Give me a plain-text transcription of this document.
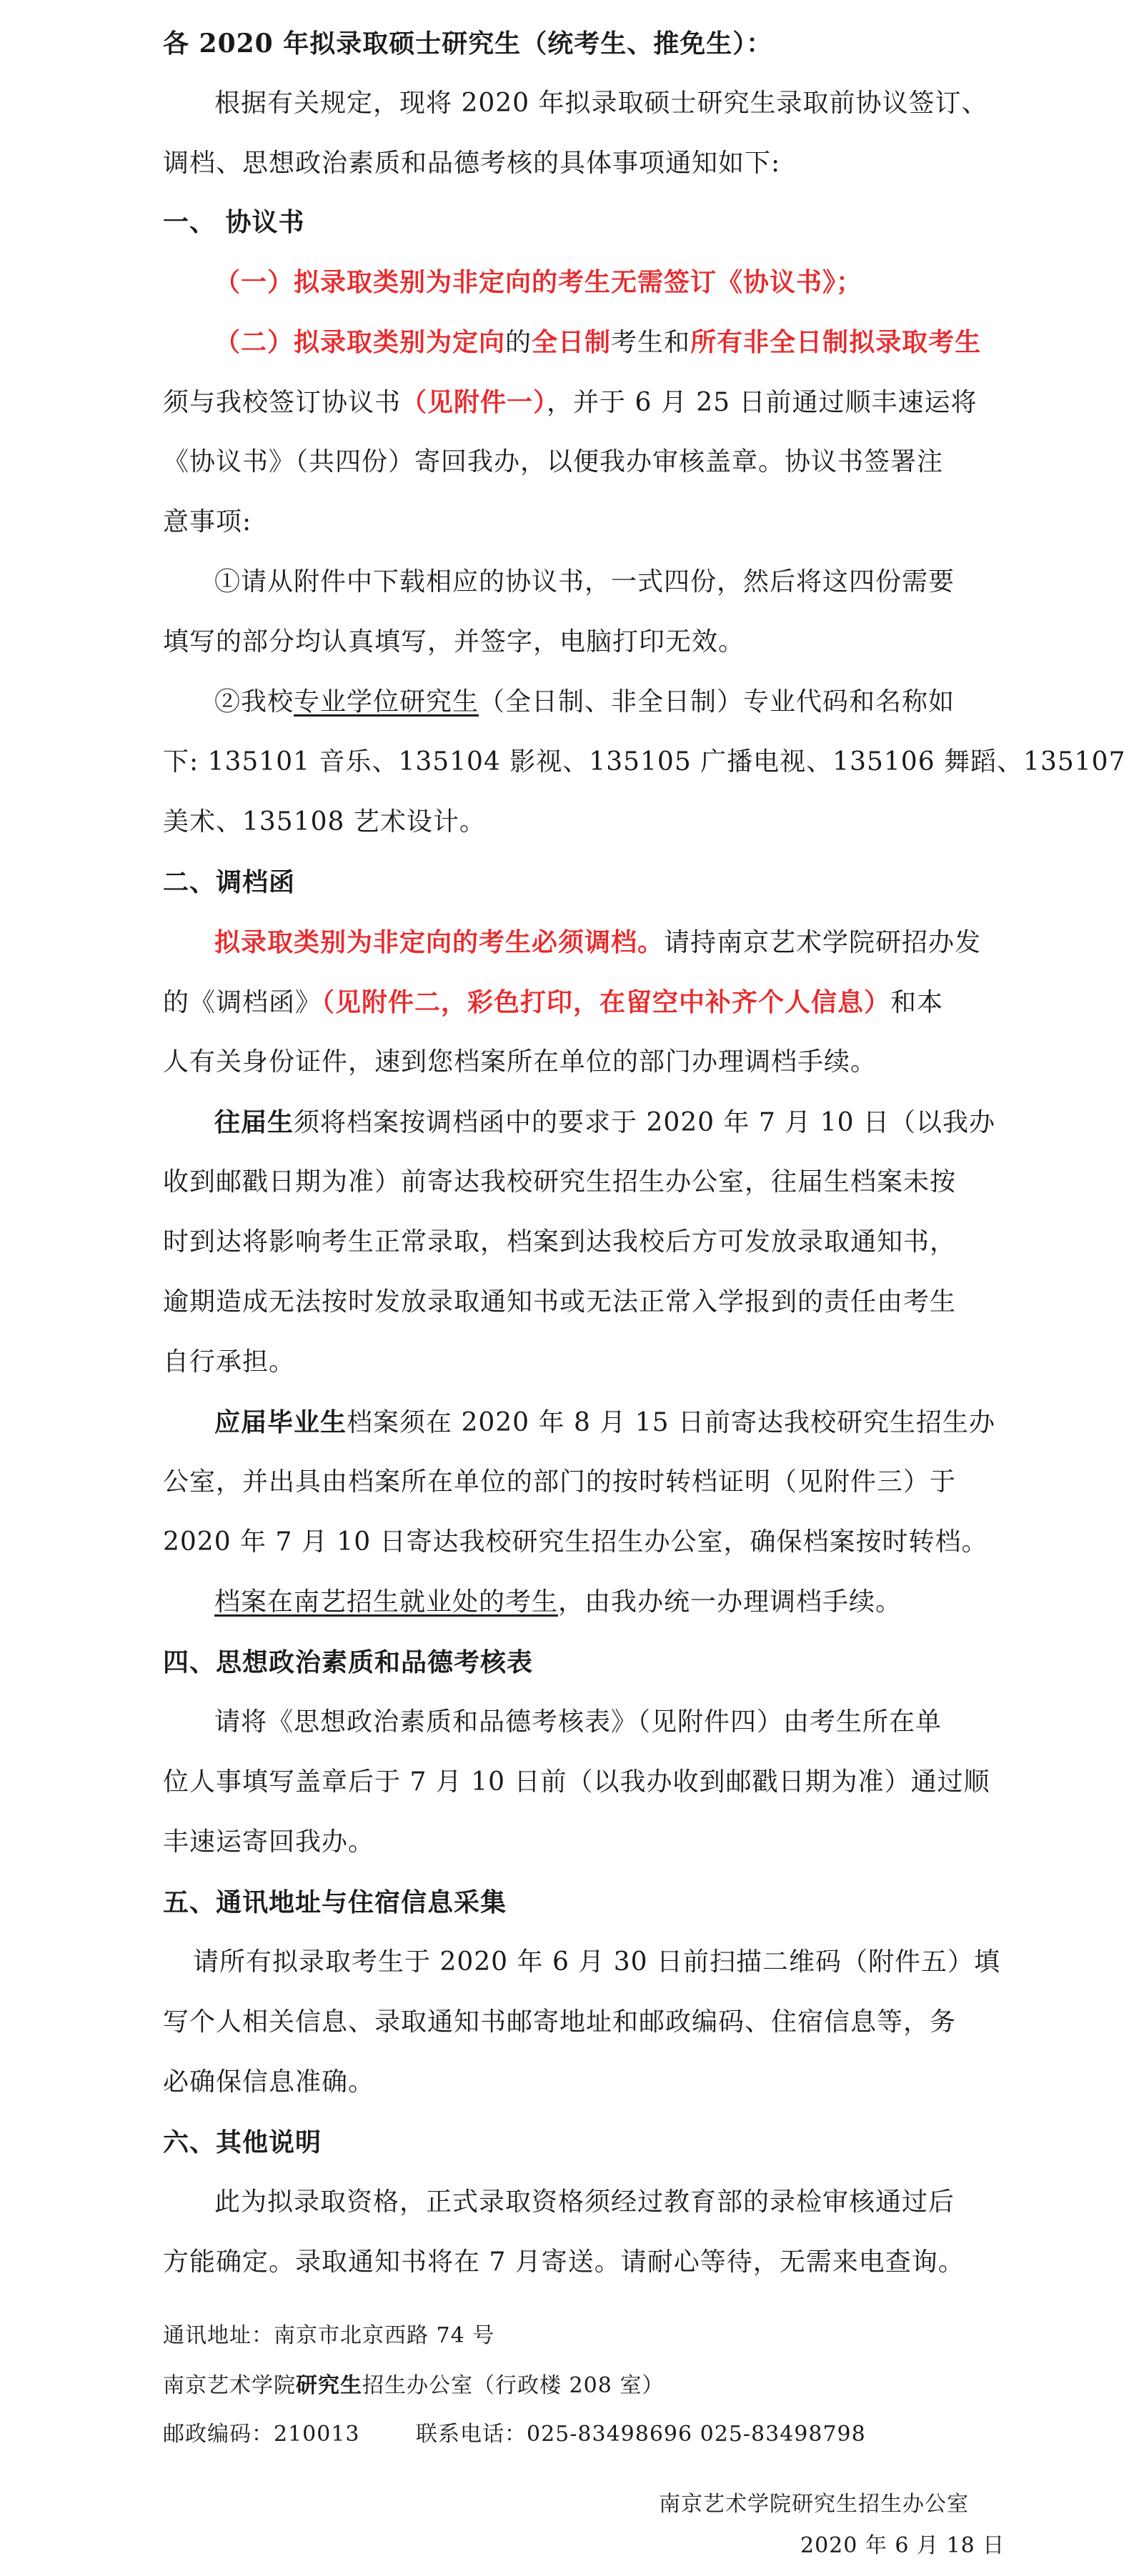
各 2020 年拟录取硕士研究生（统考生、推免生）：
根据有关规定，现将 2020 年拟录取硕士研究生录取前协议签订、
调档、思想政治素质和品德考核的具体事项通知如下:
一、 协议书
（一）拟录取类别为非定向的考生无需签订《协议书》；
（二）拟录取类别为定向的全日制考生和所有非全日制拟录取考生
须与我校签订协议书（见附件一），并于 6 月 25 日前通过顺丰速运将
《协议书》（共四份）寄回我办，以便我办审核盖章。协议书签署注
意事项:
①请从附件中下载相应的协议书，一式四份，然后将这四份需要
填写的部分均认真填写，并签字，电脑打印无效。
②我校专业学位研究生（全日制、非全日制）专业代码和名称如
下: 135101 音乐、135104 影视、135105 广播电视、135106 舞蹈、135107
美术、135108 艺术设计。
二、调档函
拟录取类别为非定向的考生必须调档。请持南京艺术学院研招办发
的《调档函》（见附件二，彩色打印，在留空中补齐个人信息）和本
人有关身份证件，速到您档案所在单位的部门办理调档手续。
往届生须将档案按调档函中的要求于 2020 年 7 月 10 日（以我办
收到邮戳日期为准）前寄达我校研究生招生办公室，往届生档案未按
时到达将影响考生正常录取，档案到达我校后方可发放录取通知书，
逾期造成无法按时发放录取通知书或无法正常入学报到的责任由考生
自行承担。
应届毕业生档案须在 2020 年 8 月 15 日前寄达我校研究生招生办
公室，并出具由档案所在单位的部门的按时转档证明（见附件三）于
2020 年 7 月 10 日寄达我校研究生招生办公室，确保档案按时转档。
档案在南艺招生就业处的考生，由我办统一办理调档手续。
四、思想政治素质和品德考核表
请将《思想政治素质和品德考核表》（见附件四）由考生所在单
位人事填写盖章后于 7 月 10 日前（以我办收到邮戳日期为准）通过顺
丰速运寄回我办。
五、通讯地址与住宿信息采集
请所有拟录取考生于 2020 年 6 月 30 日前扫描二维码（附件五）填
写个人相关信息、录取通知书邮寄地址和邮政编码、住宿信息等，务
必确保信息准确。
六、其他说明
此为拟录取资格，正式录取资格须经过教育部的录检审核通过后
方能确定。录取通知书将在 7 月寄送。请耐心等待，无需来电查询。
通讯地址：南京市北京西路 74 号
南京艺术学院研究生招生办公室（行政楼 208 室）
邮政编码：210013	联系电话：025-83498696 025-83498798
南京艺术学院研究生招生办公室
2020 年 6 月 18 日
